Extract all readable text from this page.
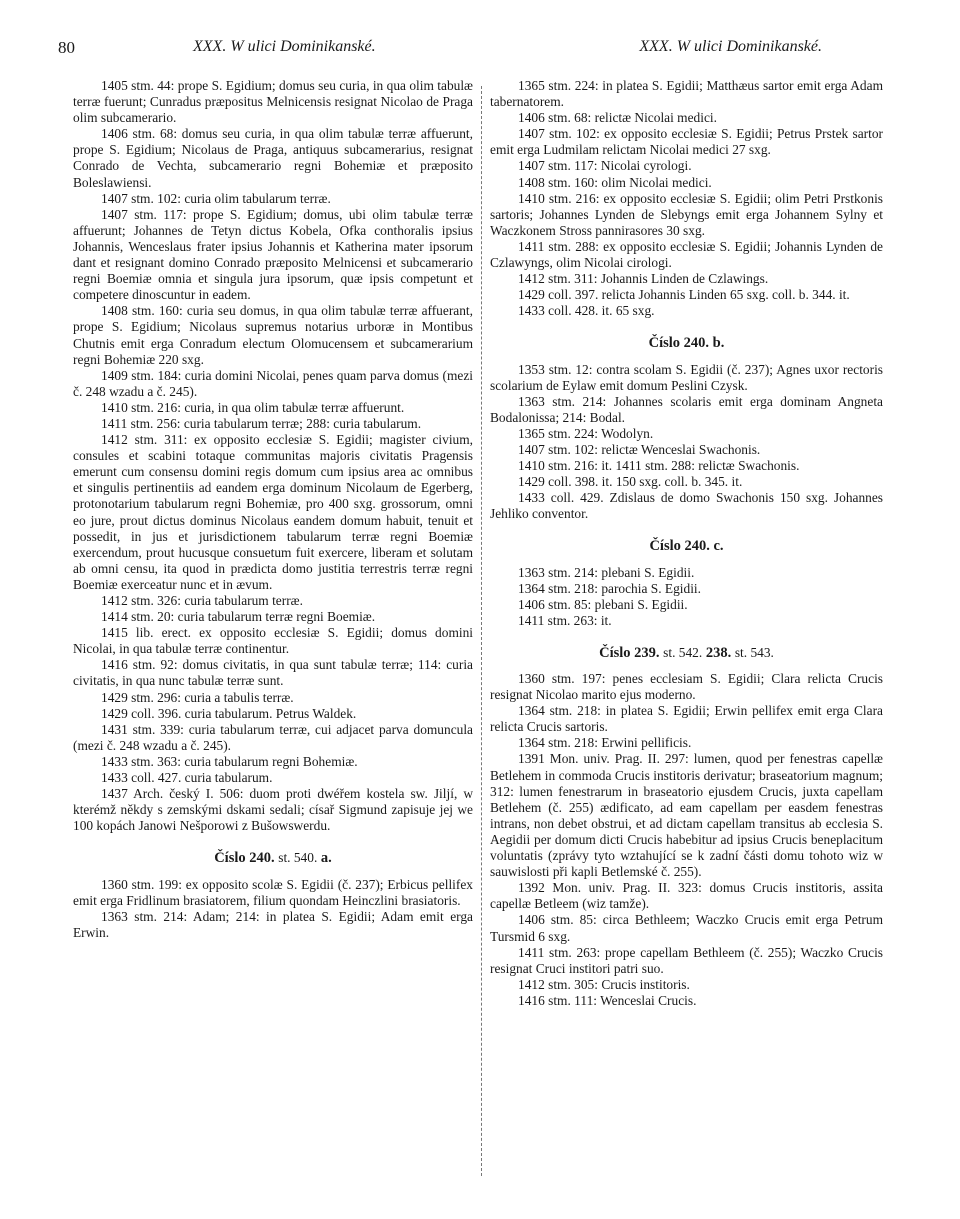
80	XXX. W ulici Dominikanské.	XXX. W ulici Dominikanské.

1405 stm. 44: prope S. Egidium; domus seu curia, in qua olim tabulæ terræ fuerunt; Cunradus præpositus Melnicensis resignat Nicolao de Praga olim subcamerario.

1406 stm. 68: domus seu curia, in qua olim tabulæ terræ affuerunt, prope S. Egidium; Nicolaus de Praga, antiquus subcamerarius, resignat Conrado de Vechta, subcamerario regni Bohemiæ et præposito Boleslawiensi.

1407 stm. 102: curia olim tabularum terræ.

1407 stm. 117: prope S. Egidium; domus, ubi olim tabulæ terræ affuerunt; Johannes de Tetyn dictus Kobela, Ofka conthoralis ipsius Johannis, Wenceslaus frater ipsius Johannis et Katherina mater ipsorum dant et resignant domino Conrado præposito Melnicensi et subcamerario regni Boemiæ omnia et singula jura ipsorum, quæ ipsis competunt et competere dinoscuntur in eadem.

1408 stm. 160: curia seu domus, in qua olim tabulæ terræ affuerant, prope S. Egidium; Nicolaus supremus notarius urboræ in Montibus Chutnis emit erga Conradum electum Olomucensem et subcamerarium regni Bohemiæ 220 sxg.

1409 stm. 184: curia domini Nicolai, penes quam parva domus (mezi č. 248 wzadu a č. 245).

1410 stm. 216: curia, in qua olim tabulæ terræ affuerunt.

1411 stm. 256: curia tabularum terræ; 288: curia tabularum.

1412 stm. 311: ex opposito ecclesiæ S. Egidii; magister civium, consules et scabini totaque communitas majoris civitatis Pragensis emerunt cum consensu domini regis domum cum ipsius area ac omnibus et singulis pertinentiis ad eandem erga dominum Nicolaum de Egerberg, protonotarium tabularum regni Bohemiæ, pro 400 sxg. grossorum, omni eo jure, prout dictus dominus Nicolaus eandem domum habuit, tenuit et possedit, in jus et jurisdictionem tabularum terræ regni Boemiæ exercendum, prout hucusque consuetum fuit exercere, liberam et solutam ab omni censu, ita quod in prædicta domo justitia terrestris terræ regni Boemiæ exerceatur nunc et in ævum.

1412 stm. 326: curia tabularum terræ.

1414 stm. 20: curia tabularum terræ regni Boemiæ.

1415 lib. erect. ex opposito ecclesiæ S. Egidii; domus domini Nicolai, in qua tabulæ terræ continentur.

1416 stm. 92: domus civitatis, in qua sunt tabulæ terræ; 114: curia civitatis, in qua nunc tabulæ terræ sunt.

1429 stm. 296: curia a tabulis terræ.

1429 coll. 396. curia tabularum. Petrus Waldek.

1431 stm. 339: curia tabularum terræ, cui adjacet parva domuncula (mezi č. 248 wzadu a č. 245).

1433 stm. 363: curia tabularum regni Bohemiæ.

1433 coll. 427. curia tabularum.

1437 Arch. český I. 506: duom proti dwéřem kostela sw. Jiljí, w kterémž někdy s zemskými dskami sedali; císař Sigmund zapisuje jej we 100 kopách Janowi Nešporowi z Bušowswerdu.

Číslo 240. st. 540. a.

1360 stm. 199: ex opposito scolæ S. Egidii (č. 237); Erbicus pellifex emit erga Fridlinum brasiatorem, filium quondam Heinczlini brasiatoris.

1363 stm. 214: Adam; 214: in platea S. Egidii; Adam emit erga Erwin.

1365 stm. 224: in platea S. Egidii; Matthæus sartor emit erga Adam tabernatorem.

1406 stm. 68: relictæ Nicolai medici.

1407 stm. 102: ex opposito ecclesiæ S. Egidii; Petrus Prstek sartor emit erga Ludmilam relictam Nicolai medici 27 sxg.

1407 stm. 117: Nicolai cyrologi.

1408 stm. 160: olim Nicolai medici.

1410 stm. 216: ex opposito ecclesiæ S. Egidii; olim Petri Prstkonis sartoris; Johannes Lynden de Slebyngs emit erga Johannem Sylny et Waczkonem Stross pannirasores 30 sxg.

1411 stm. 288: ex opposito ecclesiæ S. Egidii; Johannis Lynden de Czlawyngs, olim Nicolai cirologi.

1412 stm. 311: Johannis Linden de Czlawings.

1429 coll. 397. relicta Johannis Linden 65 sxg. coll. b. 344. it.

1433 coll. 428. it. 65 sxg.

Číslo 240. b.

1353 stm. 12: contra scolam S. Egidii (č. 237); Agnes uxor rectoris scolarium de Eylaw emit domum Peslini Czysk.

1363 stm. 214: Johannes scolaris emit erga dominam Angneta Bodalonissa; 214: Bodal.

1365 stm. 224: Wodolyn.

1407 stm. 102: relictæ Wenceslai Swachonis.

1410 stm. 216: it. 1411 stm. 288: relictæ Swachonis.

1429 coll. 398. it. 150 sxg. coll. b. 345. it.

1433 coll. 429. Zdislaus de domo Swachonis 150 sxg. Johannes Jehliko conventor.

Číslo 240. c.

1363 stm. 214: plebani S. Egidii.

1364 stm. 218: parochia S. Egidii.

1406 stm. 85: plebani S. Egidii.

1411 stm. 263: it.

Číslo 239. st. 542. 238. st. 543.

1360 stm. 197: penes ecclesiam S. Egidii; Clara relicta Crucis resignat Nicolao marito ejus moderno.

1364 stm. 218: in platea S. Egidii; Erwin pellifex emit erga Clara relicta Crucis sartoris.

1364 stm. 218: Erwini pellificis.

1391 Mon. univ. Prag. II. 297: lumen, quod per fenestras capellæ Betlehem in commoda Crucis institoris derivatur; braseatorium magnum; 312: lumen fenestrarum in braseatorio ejusdem Crucis, juxta capellam Betlehem (č. 255) ædificato, ad eam capellam per easdem fenestras intrans, non debet obstrui, et ad dictam capellam transitus ab ecclesia S. Aegidii per domum dicti Crucis habebitur ad ipsius Crucis beneplacitum voluntatis (zprávy tyto wztahující se k zadní části domu tohoto wiz w sauwislosti při kapli Betlemské č. 255).

1392 Mon. univ. Prag. II. 323: domus Crucis institoris, assita capellæ Betleem (wiz tamže).

1406 stm. 85: circa Bethleem; Waczko Crucis emit erga Petrum Tursmid 6 sxg.

1411 stm. 263: prope capellam Bethleem (č. 255); Waczko Crucis resignat Cruci institori patri suo.

1412 stm. 305: Crucis institoris.

1416 stm. 111: Wenceslai Crucis.
